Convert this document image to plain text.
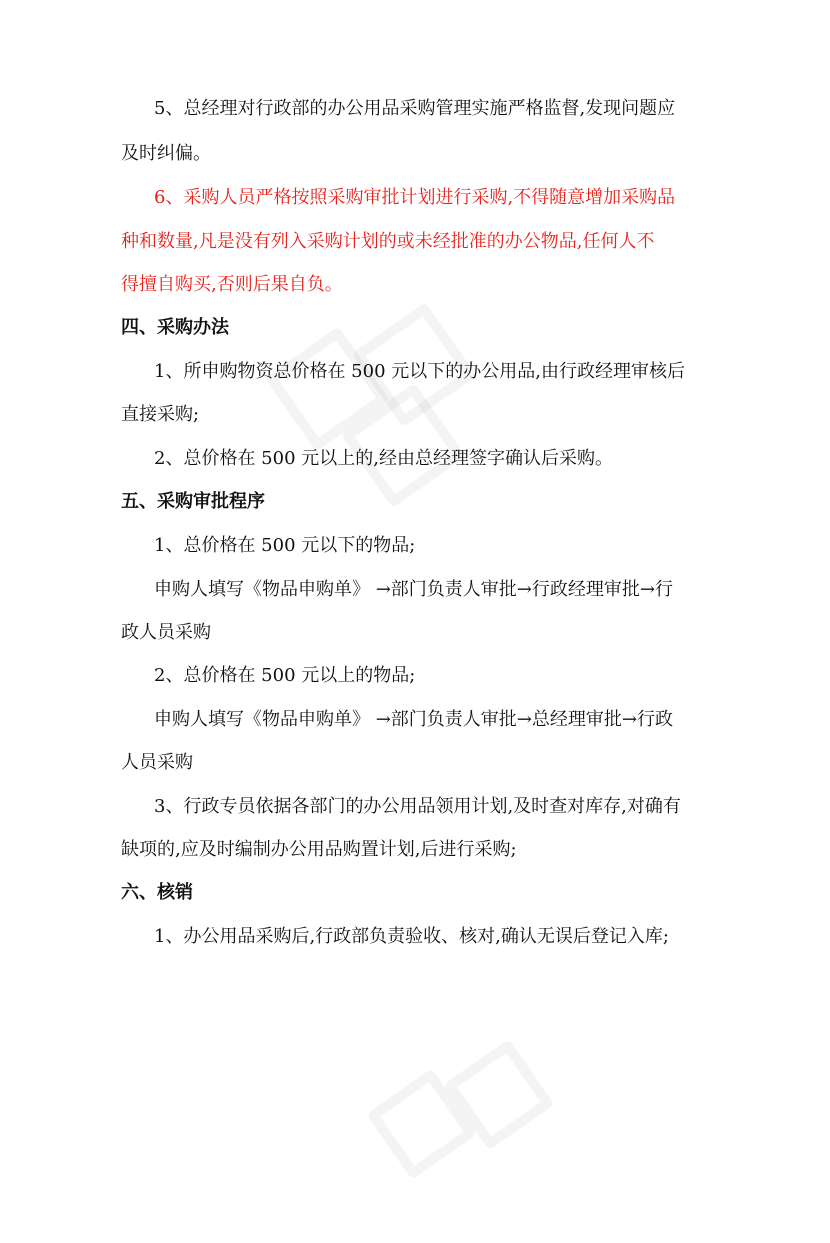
5、总经理对行政部的办公用品采购管理实施严格监督,发现问题应
及时纠偏。
6、采购人员严格按照采购审批计划进行采购,不得随意增加采购品
种和数量,凡是没有列入采购计划的或未经批准的办公物品,任何人不
得擅自购买,否则后果自负。
四、采购办法
1、所申购物资总价格在 500 元以下的办公用品,由行政经理审核后
直接采购;
2、总价格在 500 元以上的,经由总经理签字确认后采购。
五、采购审批程序
1、总价格在 500 元以下的物品;
申购人填写《物品申购单》 →部门负责人审批→行政经理审批→行
政人员采购
2、总价格在 500 元以上的物品;
申购人填写《物品申购单》 →部门负责人审批→总经理审批→行政
人员采购
3、行政专员依据各部门的办公用品领用计划,及时查对库存,对确有
缺项的,应及时编制办公用品购置计划,后进行采购;
六、核销
1、办公用品采购后,行政部负责验收、核对,确认无误后登记入库;
